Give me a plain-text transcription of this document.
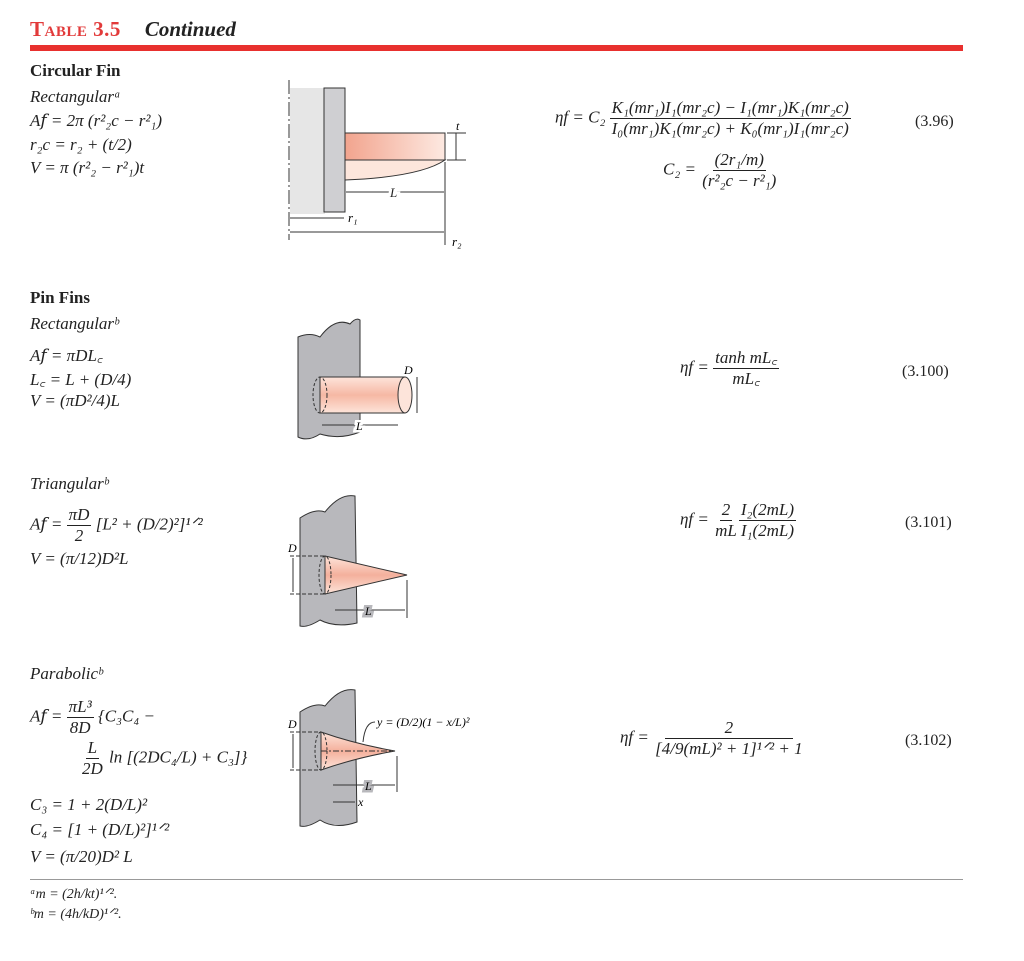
Table 3.5 Continued
Circular Fin
Rectangularᵃ
A𝑓 = 2π (r²₂c − r²₁)
r₂c = r₂ + (t/2)
V = π (r²₂ − r²₁)t
t
L
r₁
r₂
$\eta f = C_2 \frac{\text{K₁(mr₁)I₁(mr₂c) − I₁(mr₁)K₁(mr₂c)}}{\text{I₀(mr₁)K₁(mr₂c) + K₀(mr₁)I₁(mr₂c)}}$	(3.96)
$C_2 = \frac{\text{(2r₁/m)}}{\text{(r²₂c − r²₁)}}$
Pin Fins
Rectangularᵇ
A𝑓 = πDL꜀
L꜀ = L + (D/4)
V = (πD²/4)L
D
L
$\eta f = \frac{\text{tanh mL꜀}}{mL꜀}$	(3.100)
Triangularᵇ
A𝑓 = $\frac{\pi D}{2} [L^2$ + (D/2)²]¹ᐟ²
V = (π/12)D²L
D
L
$\eta f = \frac{2}{mL} \frac{\text{I₂(2mL)}}{\text{I₁(2mL)}}$	(3.101)
Parabolicᵇ
A𝑓 = $\frac{\text{πL³}}{8D} \{C_3C_4$ −
$\frac{L}{2D}$ ln [(2DC₄/L) + C₃]}
C₃ = 1 + 2(D/L)²
C₄ = [1 + (D/L)²]¹ᐟ²
V = (π/20)D² L
D	y = (D/2)(1 − x/L)²
L
x
$\eta f = \frac{2}{\text{[4/9(mL)² + 1]¹ᐟ² + 1}}$	(3.102)
ᵃm = (2h/kt)¹ᐟ².
ᵇm = (4h/kD)¹ᐟ².
